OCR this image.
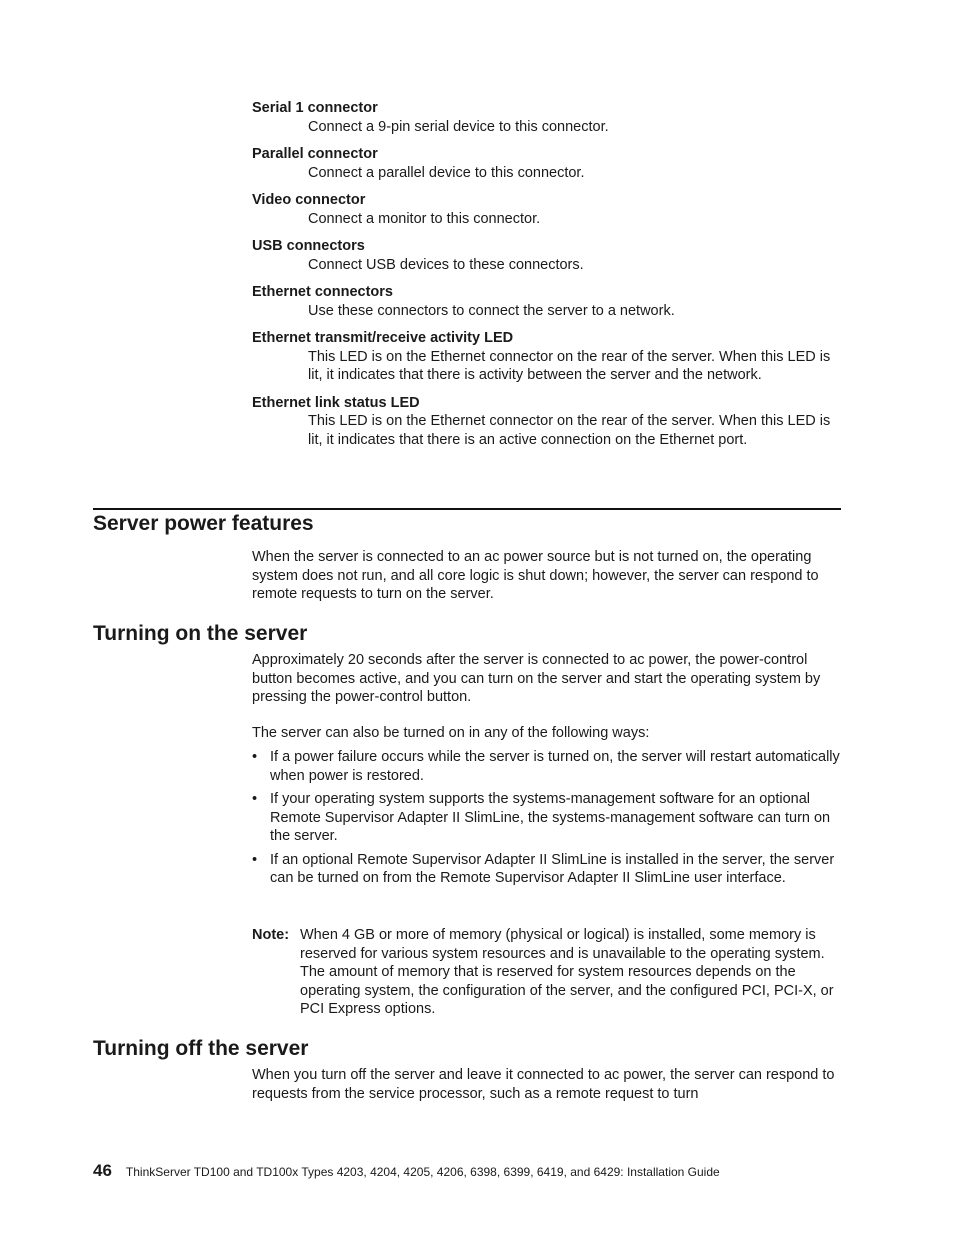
Serial 1 connector
Connect a 9-pin serial device to this connector.
Parallel connector
Connect a parallel device to this connector.
Video connector
Connect a monitor to this connector.
USB connectors
Connect USB devices to these connectors.
Ethernet connectors
Use these connectors to connect the server to a network.
Ethernet transmit/receive activity LED
This LED is on the Ethernet connector on the rear of the server. When this LED is lit, it indicates that there is activity between the server and the network.
Ethernet link status LED
This LED is on the Ethernet connector on the rear of the server. When this LED is lit, it indicates that there is an active connection on the Ethernet port.
Server power features

When the server is connected to an ac power source but is not turned on, the operating system does not run, and all core logic is shut down; however, the server can respond to remote requests to turn on the server.

Turning on the server

Approximately 20 seconds after the server is connected to ac power, the power-control button becomes active, and you can turn on the server and start the operating system by pressing the power-control button.

The server can also be turned on in any of the following ways:

• If a power failure occurs while the server is turned on, the server will restart automatically when power is restored.
• If your operating system supports the systems-management software for an optional Remote Supervisor Adapter II SlimLine, the systems-management software can turn on the server.
• If an optional Remote Supervisor Adapter II SlimLine is installed in the server, the server can be turned on from the Remote Supervisor Adapter II SlimLine user interface.
Note: When 4 GB or more of memory (physical or logical) is installed, some memory is reserved for various system resources and is unavailable to the operating system. The amount of memory that is reserved for system resources depends on the operating system, the configuration of the server, and the configured PCI, PCI-X, or PCI Express options.
Turning off the server

When you turn off the server and leave it connected to ac power, the server can respond to requests from the service processor, such as a remote request to turn

46 ThinkServer TD100 and TD100x Types 4203, 4204, 4205, 4206, 6398, 6399, 6419, and 6429: Installation Guide
